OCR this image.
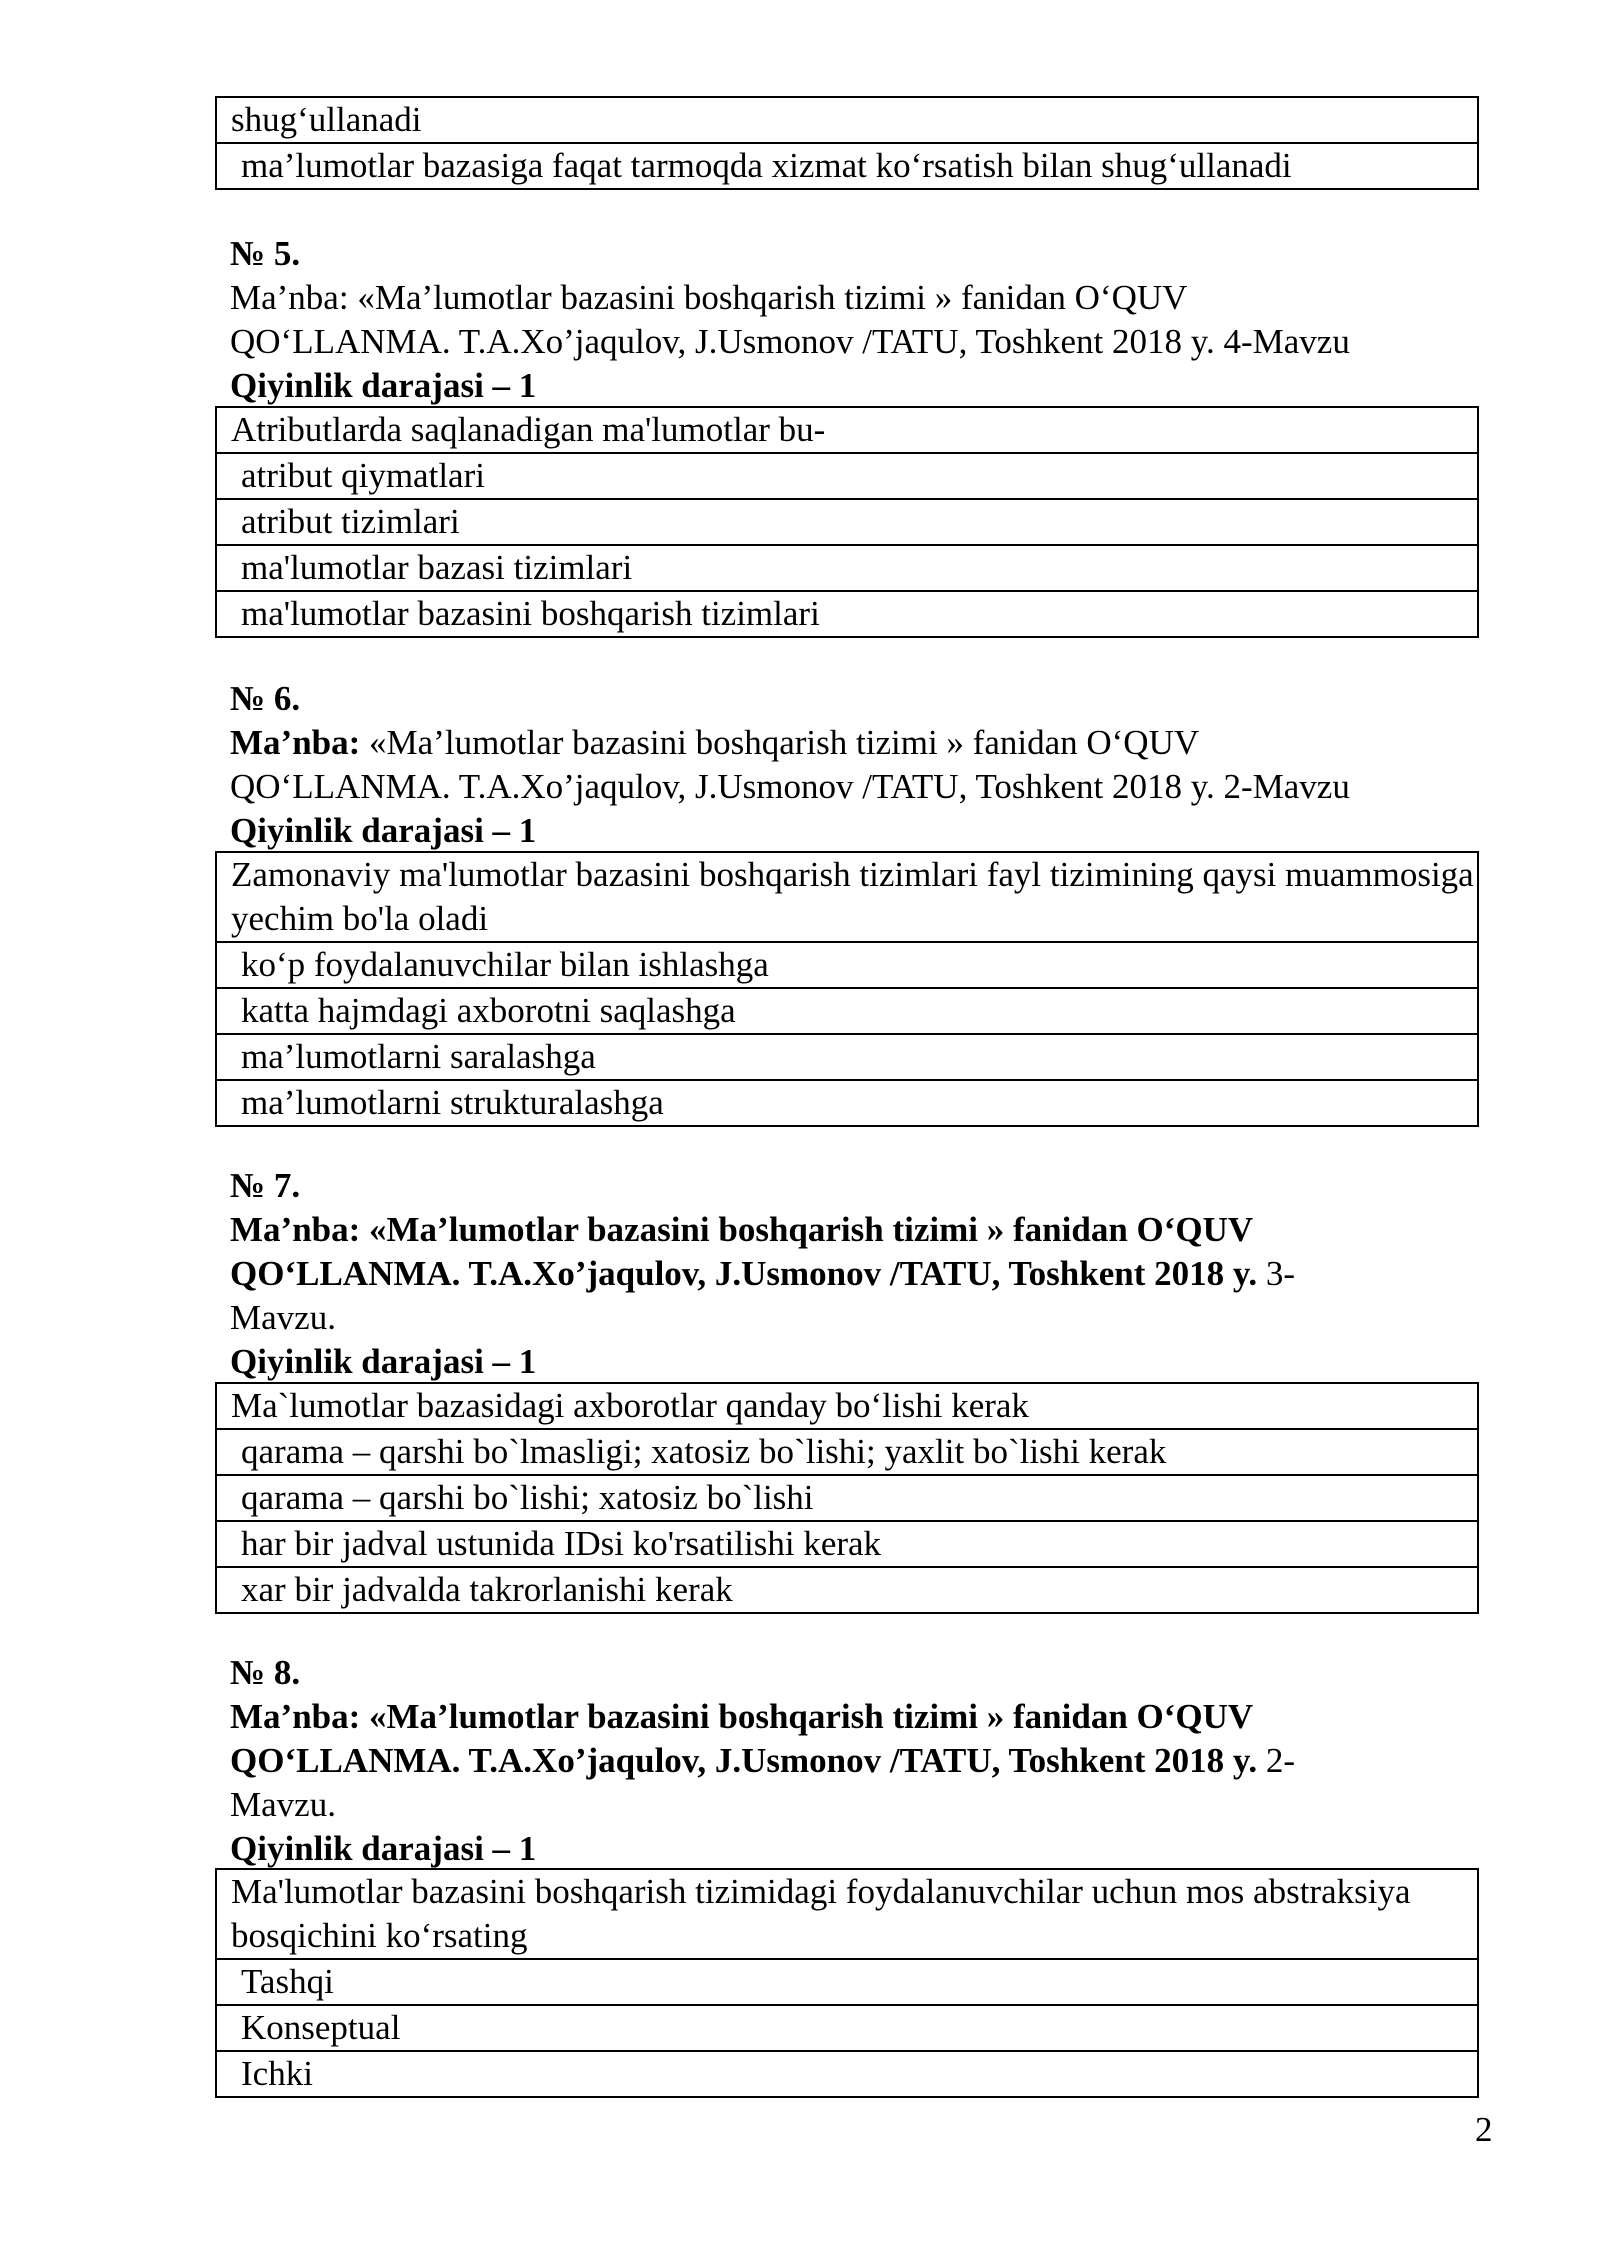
shug‘ullanadi
ma’lumotlar bazasiga faqat tarmoqda xizmat ko‘rsatish bilan shug‘ullanadi
№ 5.
Ma’nba: «Ma’lumotlar bazasini boshqarish tizimi » fanidan O‘QUV
QO‘LLANMA. T.A.Xo’jaqulov, J.Usmonov /TATU, Toshkent 2018 y. 4-Mavzu
Qiyinlik darajasi – 1
Atributlarda saqlanadigan ma'lumotlar bu-
atribut qiymatlari
atribut tizimlari
ma'lumotlar bazasi tizimlari
ma'lumotlar bazasini boshqarish tizimlari
№ 6.
Ma’nba: «Ma’lumotlar bazasini boshqarish tizimi » fanidan O‘QUV
QO‘LLANMA. T.A.Xo’jaqulov, J.Usmonov /TATU, Toshkent 2018 y. 2-Mavzu
Qiyinlik darajasi – 1
Zamonaviy ma'lumotlar bazasini boshqarish tizimlari fayl tizimining qaysi muammosiga yechim bo'la oladi
ko‘p foydalanuvchilar bilan ishlashga
katta hajmdagi axborotni saqlashga
ma’lumotlarni saralashga
ma’lumotlarni strukturalashga
№ 7.
Ma’nba: «Ma’lumotlar bazasini boshqarish tizimi » fanidan O‘QUV
QO‘LLANMA. T.A.Xo’jaqulov, J.Usmonov /TATU, Toshkent 2018 y. 3-
Mavzu.
Qiyinlik darajasi – 1
Ma`lumotlar bazasidagi axborotlar qanday bo‘lishi kerak
qarama – qarshi bo`lmasligi; xatosiz bo`lishi; yaxlit bo`lishi kerak
qarama – qarshi bo`lishi; xatosiz bo`lishi
har bir jadval ustunida IDsi ko'rsatilishi kerak
xar bir jadvalda takrorlanishi kerak
№ 8.
Ma’nba: «Ma’lumotlar bazasini boshqarish tizimi » fanidan O‘QUV
QO‘LLANMA. T.A.Xo’jaqulov, J.Usmonov /TATU, Toshkent 2018 y. 2-
Mavzu.
Qiyinlik darajasi – 1
Ma'lumotlar bazasini boshqarish tizimidagi foydalanuvchilar uchun mos abstraksiya bosqichini ko‘rsating
Tashqi
Konseptual
Ichki
2
